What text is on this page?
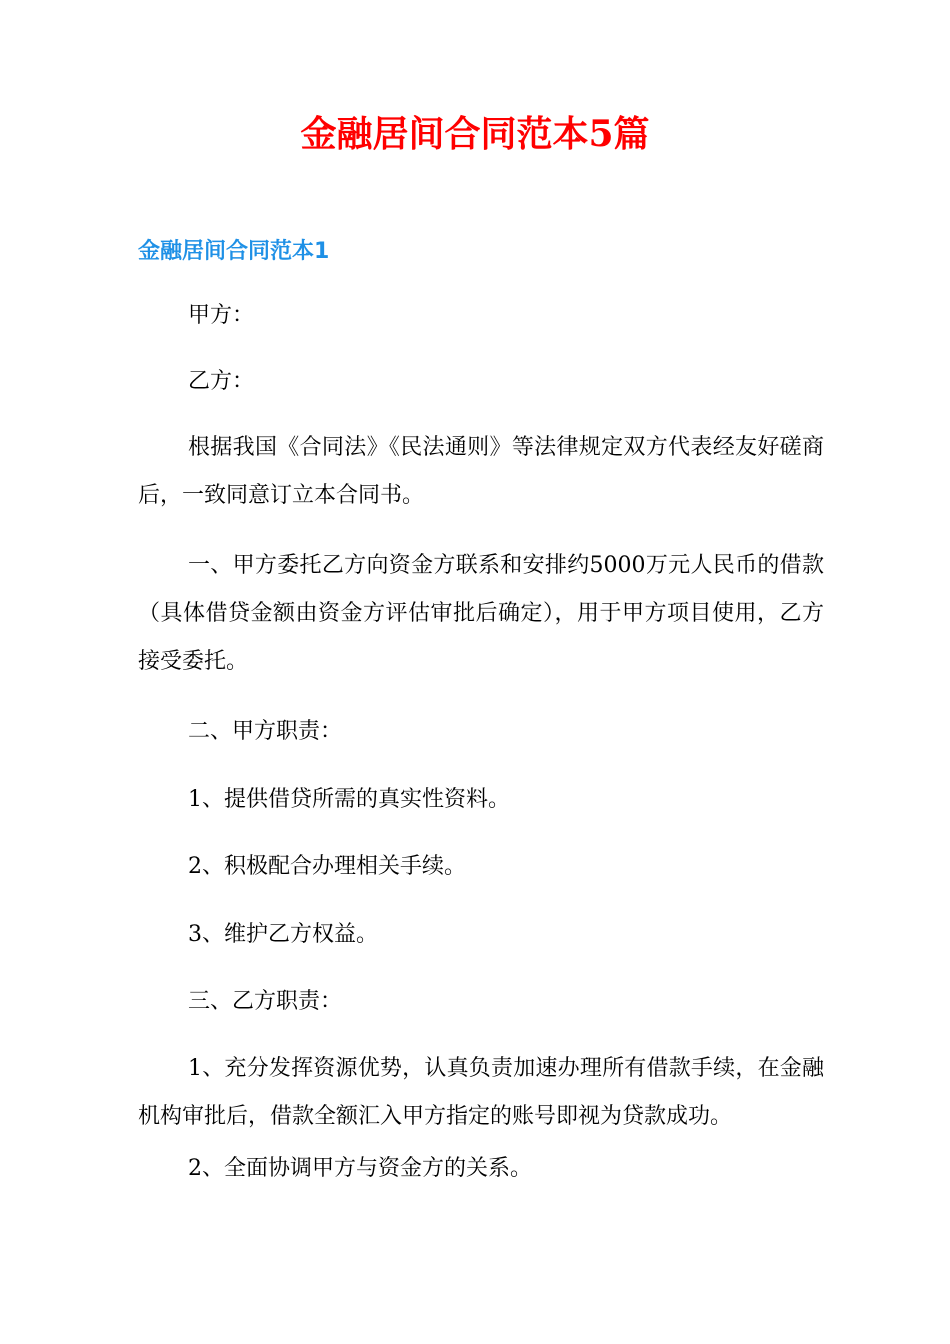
金融居间合同范本5篇
金融居间合同范本1

甲方：

乙方：

根据我国《合同法》《民法通则》等法律规定双方代表经友好磋商后，一致同意订立本合同书。

一、甲方委托乙方向资金方联系和安排约5000万元人民币的借款（具体借贷金额由资金方评估审批后确定），用于甲方项目使用，乙方接受委托。

二、甲方职责：

1、提供借贷所需的真实性资料。

2、积极配合办理相关手续。

3、维护乙方权益。

三、乙方职责：

1、充分发挥资源优势，认真负责加速办理所有借款手续，在金融机构审批后，借款全额汇入甲方指定的账号即视为贷款成功。

2、全面协调甲方与资金方的关系。
